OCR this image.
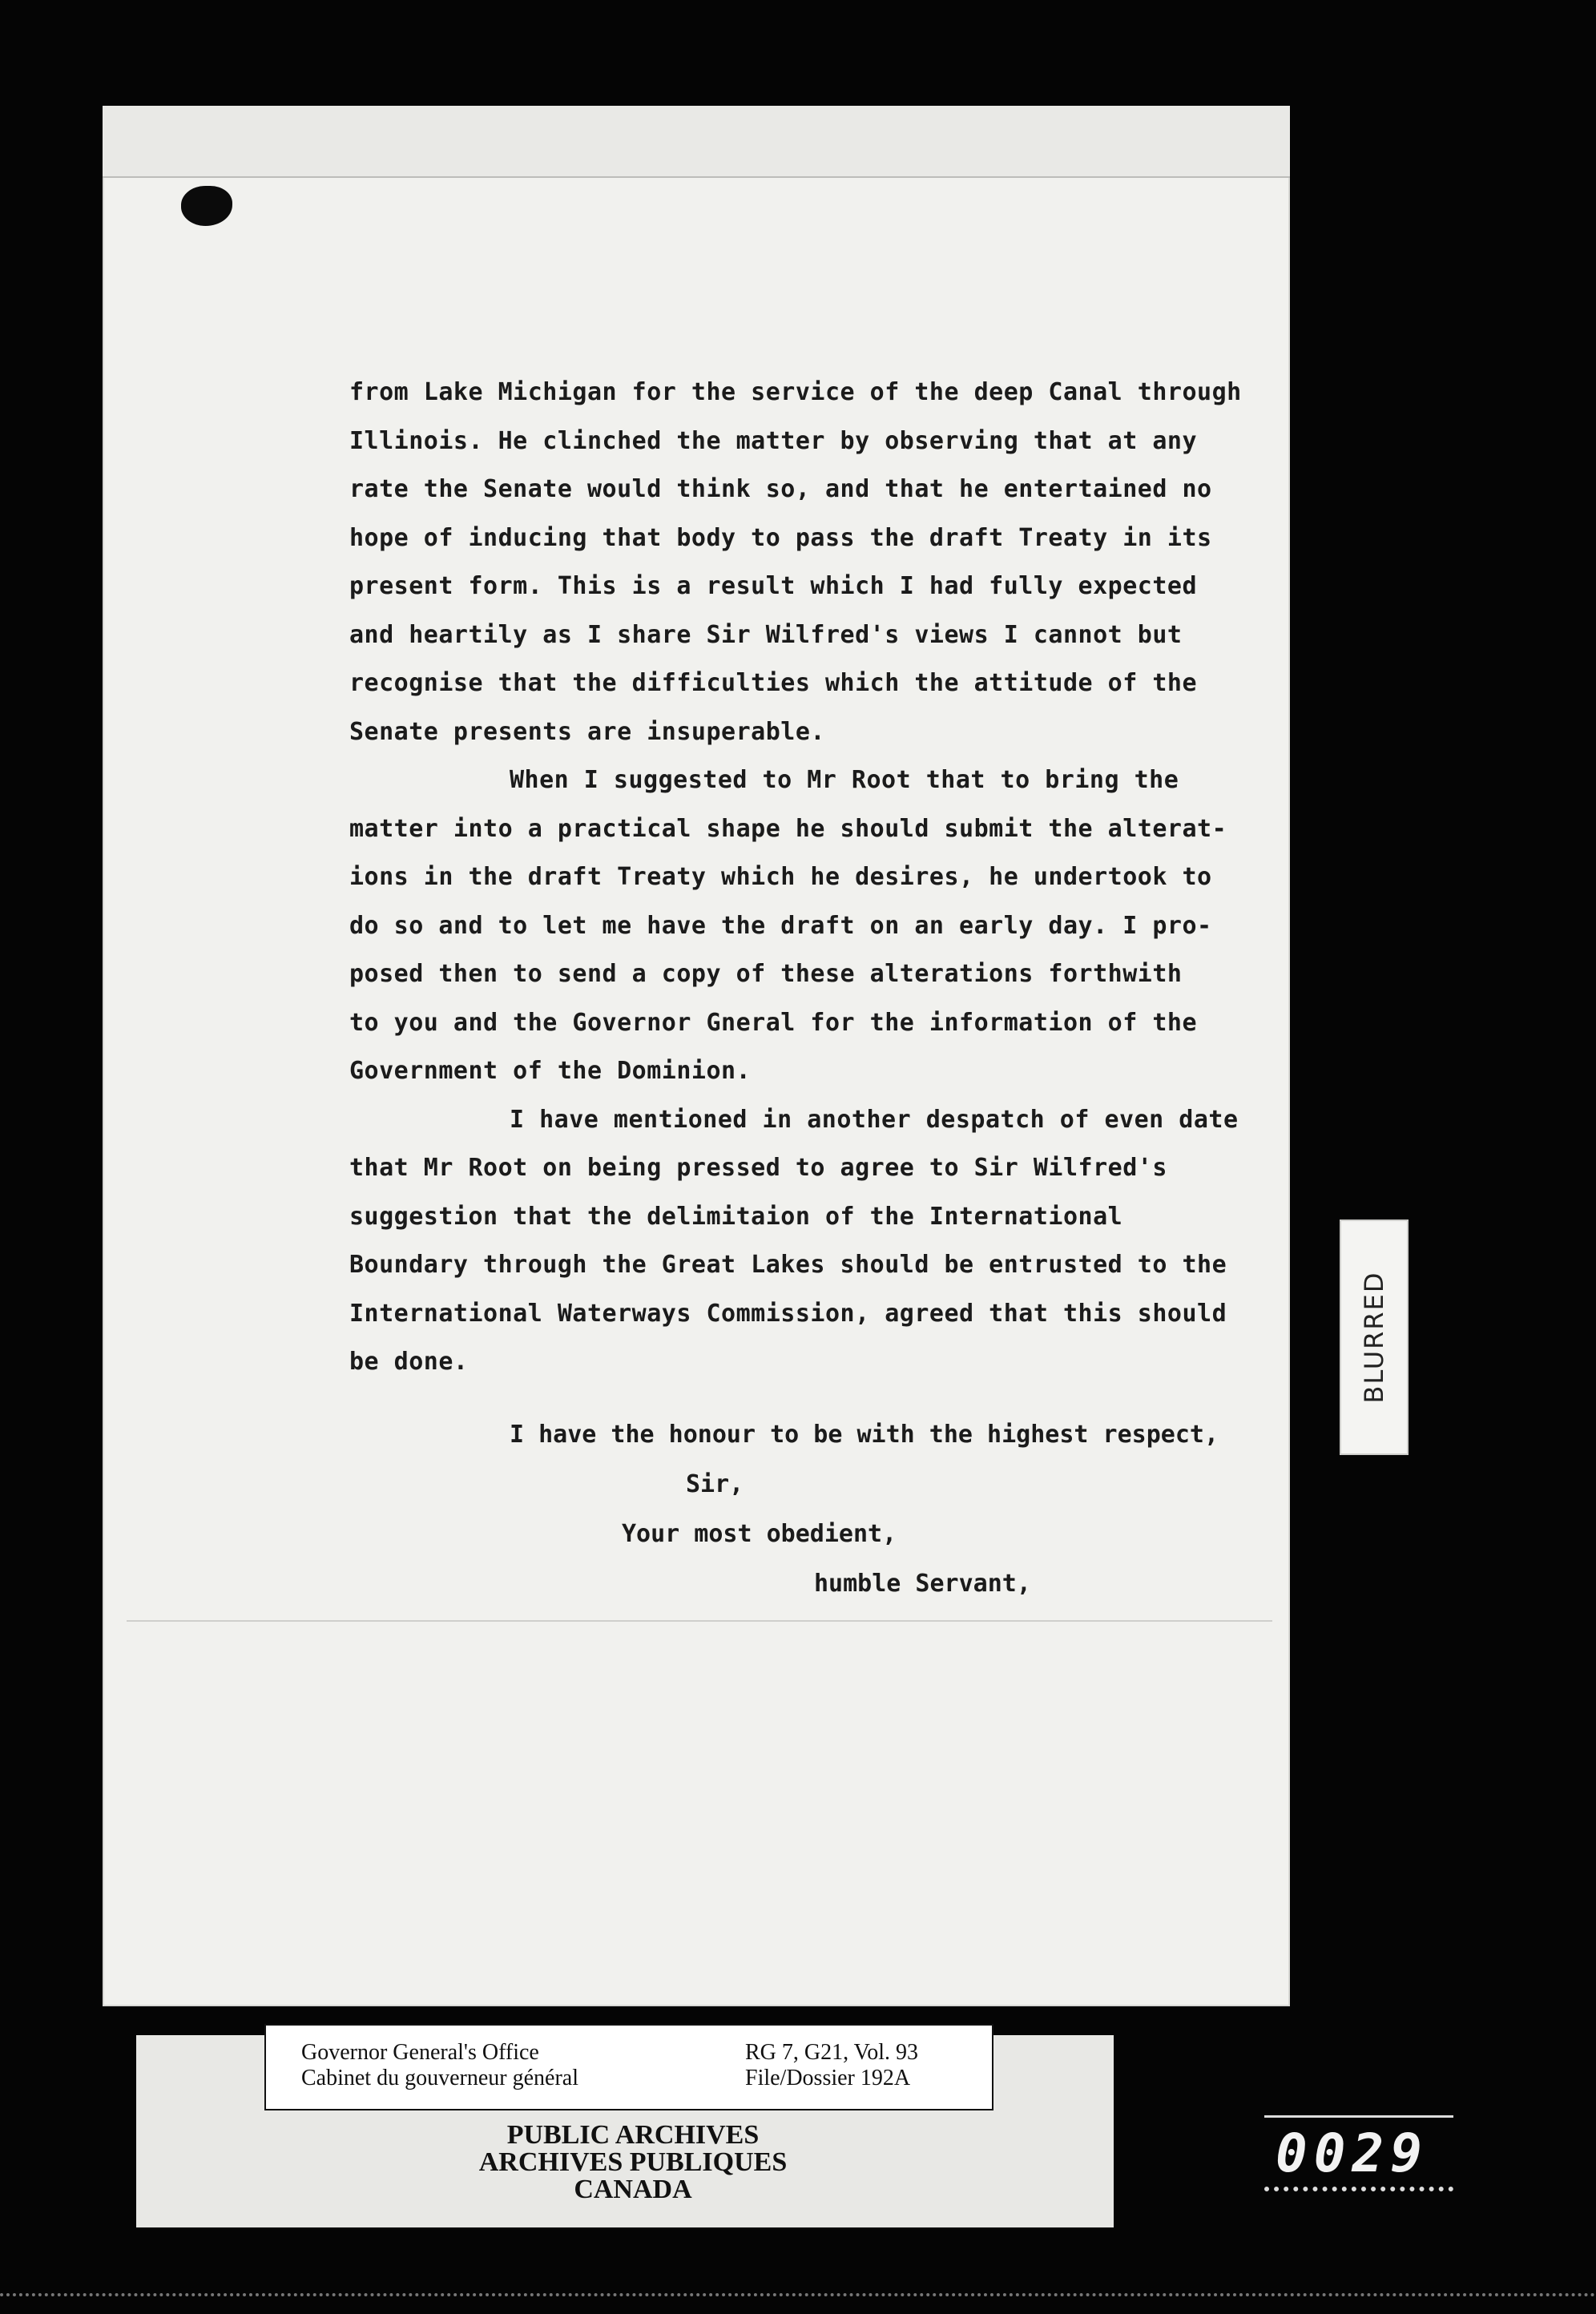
from Lake Michigan for the service of the deep Canal through
Illinois. He clinched the matter by observing that at any
rate the Senate would think so, and that he entertained no
hope of inducing that body to pass the draft Treaty in its
present form. This is a result which I had fully expected
and heartily as I share Sir Wilfred's views I cannot but
recognise that the difficulties which the attitude of the
Senate presents are insuperable.
When I suggested to Mr Root that to bring the
matter into a practical shape he should submit the alterat-
ions in the draft Treaty which he desires, he undertook to
do so and to let me have the draft on an early day. I pro-
posed then to send a copy of these alterations forthwith
to you and the Governor Gneral for the information of the
Government of the Dominion.
I have mentioned in another despatch of even date
that Mr Root on being pressed to agree to Sir Wilfred's
suggestion that the delimitaion of the International
Boundary through the Great Lakes should be entrusted to the
International Waterways Commission, agreed that this should
be done.
I have the honour to be with the highest respect,
Sir,
Your most obedient,
humble Servant,
BLURRED
Governor General's Office
Cabinet du gouverneur général
RG 7, G21, Vol. 93
File/Dossier 192A
PUBLIC ARCHIVES
ARCHIVES PUBLIQUES
CANADA
0029
